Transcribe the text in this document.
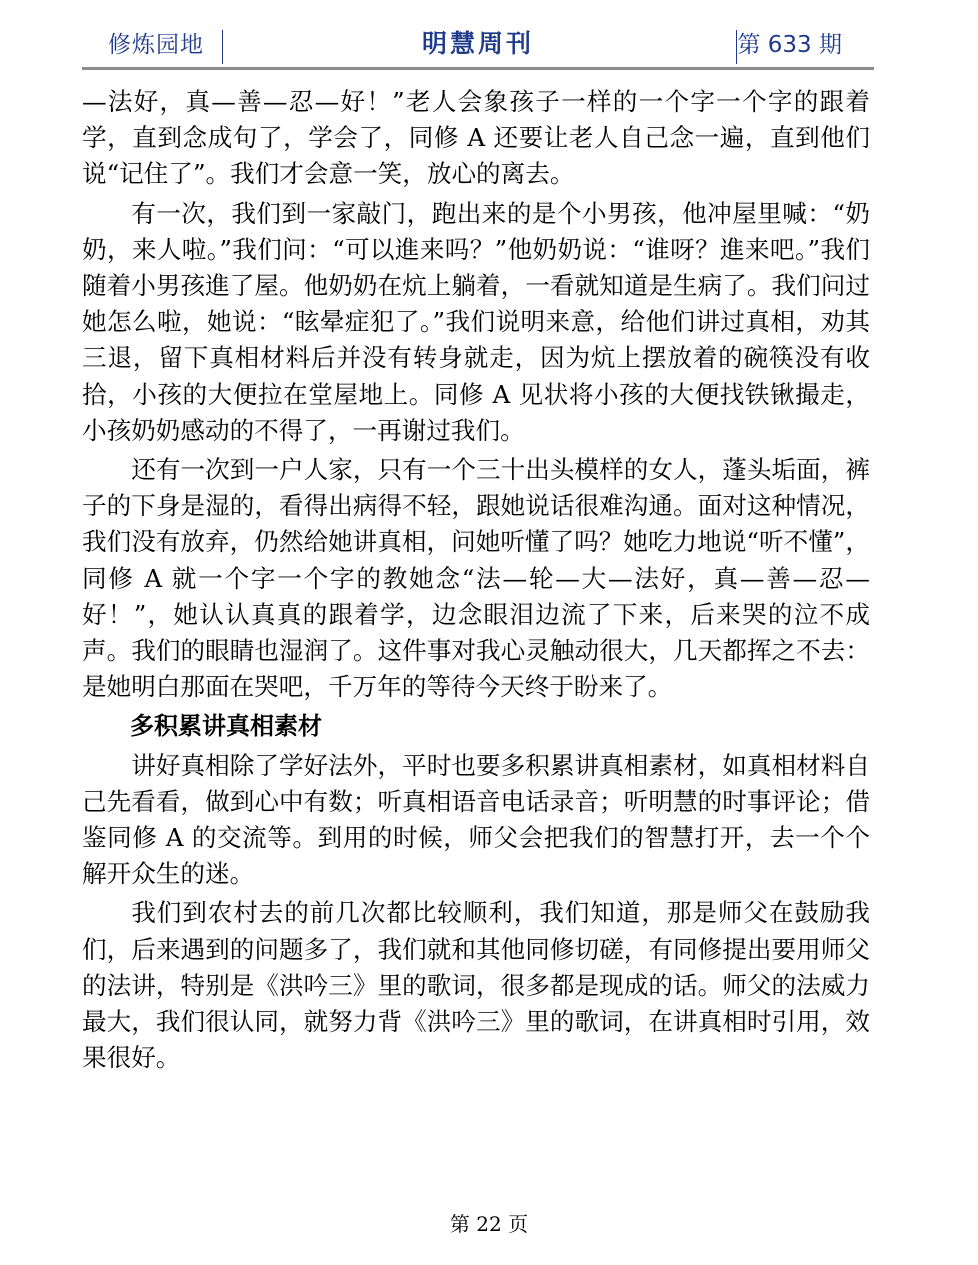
修炼园地	明慧周刊	第 633 期

—法好，真—善—忍—好！”老人会象孩子一样的一个字一个字的跟着学，直到念成句了，学会了，同修 A 还要让老人自己念一遍，直到他们说“记住了”。我们才会意一笑，放心的离去。

有一次，我们到一家敲门，跑出来的是个小男孩，他冲屋里喊：“奶奶，来人啦。”我们问：“可以進来吗？”他奶奶说：“谁呀？進来吧。”我们随着小男孩進了屋。他奶奶在炕上躺着，一看就知道是生病了。我们问过她怎么啦，她说：“眩晕症犯了。”我们说明来意，给他们讲过真相，劝其三退，留下真相材料后并没有转身就走，因为炕上摆放着的碗筷没有收拾，小孩的大便拉在堂屋地上。同修 A 见状将小孩的大便找铁锹撮走，小孩奶奶感动的不得了，一再谢过我们。

还有一次到一户人家，只有一个三十出头模样的女人，蓬头垢面，裤子的下身是湿的，看得出病得不轻，跟她说话很难沟通。面对这种情况，我们没有放弃，仍然给她讲真相，问她听懂了吗？她吃力地说“听不懂”，同修 A 就一个字一个字的教她念“法—轮—大—法好，真—善—忍—好！”，她认认真真的跟着学，边念眼泪边流了下来，后来哭的泣不成声。我们的眼睛也湿润了。这件事对我心灵触动很大，几天都挥之不去：是她明白那面在哭吧，千万年的等待今天终于盼来了。

多积累讲真相素材

讲好真相除了学好法外，平时也要多积累讲真相素材，如真相材料自己先看看，做到心中有数；听真相语音电话录音；听明慧的时事评论；借鉴同修 A 的交流等。到用的时候，师父会把我们的智慧打开，去一个个解开众生的迷。

我们到农村去的前几次都比较顺利，我们知道，那是师父在鼓励我们，后来遇到的问题多了，我们就和其他同修切磋，有同修提出要用师父的法讲，特别是《洪吟三》里的歌词，很多都是现成的话。师父的法威力最大，我们很认同，就努力背《洪吟三》里的歌词，在讲真相时引用，效果很好。

第 22 页
